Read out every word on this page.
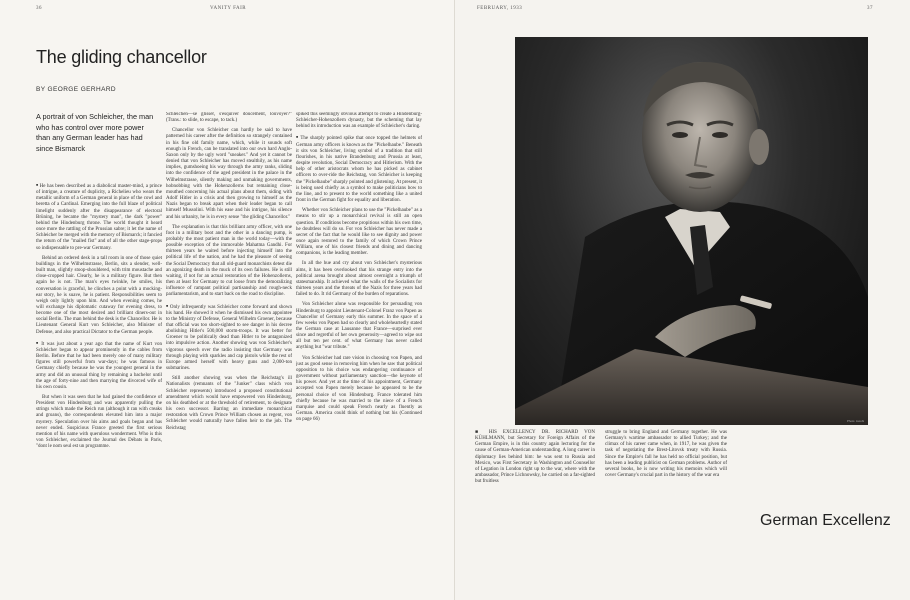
36	VANITY FAIR
The gliding chancellor
BY GEORGE GERHARD
A portrait of von Schleicher, the man who has control over more power than any German leader has had since Bismarck

■ He has been described as a diabolical master-mind, a prince of intrigue, a creature of duplicity, a Richelieu who wears the metallic uniform of a German general in place of the cowl and beretta of a Cardinal. Emerging into the full blaze of political limelight suddenly after the disappearance of electoral Brüning, he became the "mystery man", the dark "power" behind the Hindenburg throne. The world thought it heard once more the rattling of the Prussian sabre; it let the name of Schleicher be merged with the memory of Bismarck; it fancied the return of the "mailed fist" and of all the other stage-props so indispensable to pre-war Germany.

Behind an ordered desk in a tall room in one of those quiet buildings in the Wilhelmstrasse, Berlin, sits a slender, well-built man, slightly stoop-shouldered, with trim moustache and close-cropped hair. Clearly, he is a military figure. But then again he is not. The man's eyes twinkle, he smiles, his conversation is graceful, he clinches a point with a mocking-ear story, he is suave, he is patient. Responsibilities seem to weigh only lightly upon him. And when evening comes, he will exchange his diplomatic cutaway for evening dress, to become one of the most desired and brilliant diners-out in social Berlin. The man behind the desk is the Chancellor. He is Lieutenant General Kurt von Schleicher, also Minister of Defense, and also practical Dictator to the German people.

■ It was just about a year ago that the name of Kurt von Schleicher began to appear prominently in the cables from Berlin. Before that he had been merely one of many military figures still powerful from war-days; he was famous in Germany chiefly because he was the youngest general in the army and did an unusual thing by remaining a bachelor until the age of forty-nine and then marrying the divorced wife of his own cousin.

But when it was seen that he had gained the confidence of President von Hindenburg and was apparently pulling the strings which made the Reich run (although it ran with creaks and groans), the correspondents elevated him into a major mystery. Speculation over his aims and goals began and has never ended. Suspicious France greeted the first serious mention of his name with querulous wonderment. Who is this von Schleicher, exclaimed the Journal des Débats in Paris, "dont le nom seul est un programme.

Schleichen—se glisser, s'esquiver doucement, louvoyer?" (Trans.: to slide, to escape, to tack.)

Chancellor von Schleicher can hardly be said to have patterned his career after the definition so strangely contained in his fine old family name, which, while it sounds soft enough in French, can be translated into our own hard Anglo-Saxon only by the ugly word "sneaker." And yet it cannot be denied that von Schleicher has moved stealthily, as his name implies, gumshoeing his way through the army ranks, sliding into the confidence of the aged president in the palace in the Wilhelmstrasse, silently making and unmaking governments, hobnobbing with the Hohenzollerns but remaining close-mouthed concerning his actual plans about them, siding with Adolf Hitler in a crisis and then growing to himself as the Nazis began to break apart when their leader began to call himself Mussolini. With his ease and his intrigue, his silence and his urbanity, he is in every sense "the gliding Chancellor."

The explanation is that this brilliant army officer, with one foot in a military boot and the other in a dancing pump, is probably the most patient man in the world today—with the possible exception of the immovable Mahatma Gandhi. For thirteen years he waited before injecting himself into the political life of the nation, and he had the pleasure of seeing the Social Democracy that all old-guard monarchists detest die an agonizing death in the muck of its own failures. He is still waiting, if not for an actual restoration of the Hohenzollerns, then at least for Germany to cut loose from the demoralizing influence of rampant political partisanship and rough-neck parliamentarism, and to start back on the road to discipline.

■ Only infrequently was Schleicher come forward and shown his hand. He showed it when he dismissed his own appointee to the Ministry of Defense, General Wilhelm Groener, because that official was too short-sighted to see danger in his decree abolishing Hitler's 500,000 storm-troops. It was better for Groener to be politically dead than Hitler to be antagonized into impulsive action. Another showing was von Schleicher's vigorous speech over the radio insisting that Germany was through playing with sparkles and cap pistols while the rest of Europe armed herself with heavy guns and 2,000-ton submarines.

Still another showing was when the Reichstag's ill Nationalists (remnants of the "Junker" class which von Schleicher represents) introduced a proposed constitutional amendment which would have empowered von Hindenburg, on his deathbed or at the threshold of retirement, to designate his own successor. Barring an immediate monarchical restoration with Crown Prince William chosen as regent, von Schleicher would naturally have fallen heir to the job. The Reichstag

spiked this seemingly obvious attempt to create a Hindenburg-Schleicher-Hohenzollern dynasty, but the scheming that lay behind its introduction was an example of Schleicher's daring.

■ The sharply pointed spike that once topped the helmets of German army officers is known as the "Pickelhaube." Beneath it sits von Schleicher, living symbol of a tradition that still flourishes, in his native Brandenburg and Prussia at least, despite revolution, Social Democracy and Hitlerism. With the help of other aristocrats whom he has picked as cabinet officers to over-ride the Reichstag, von Schleicher is keeping the "Pickelhaube" sharply pointed and glistening. At present, it is being used chiefly as a symbol to make politicians bow to the line, and to present to the world something like a united front in the German fight for equality and liberation.

Whether von Schleicher plans to use the "Pickelhaube" as a means to stir up a monarchical revival is still an open question. If conditions become propitious within his own time, he doubtless will do so. For von Schleicher has never made a secret of the fact that he would like to see dignity and power once again restored to the family of which Crown Prince William, one of his closest friends and dining and dancing companions, is the leading member.

In all the hue and cry about von Schleicher's mysterious aims, it has been overlooked that his strange entry into the political arena brought about almost overnight a triumph of statesmanship. It achieved what the walls of the Socialists for thirteen years and the threats of the Nazis for three years had failed to do. It rid Germany of the burden of reparations.

Von Schleicher alone was responsible for persuading von Hindenburg to appoint Lieutenant-Colonel Franz von Papen as Chancellor of Germany early this summer. In the space of a few weeks von Papen had so clearly and wholeheartedly stated the German case at Lausanne that France—surprised ever since and regretful of her own generosity—agreed to wipe out all but ten per cent. of what Germany has never called anything but "war tribute."

Von Schleicher had rare vision in choosing von Papen, and just as good sense in removing him when he saw that political opposition to his choice was endangering continuance of government without parliamentary sanction—the keynote of his power. And yet at the time of his appointment, Germany accepted von Papen merely because he appeared to be the personal choice of von Hindenburg. France tolerated him chiefly because he was married to the niece of a French marquise and could speak French nearly as fluently as German. America could think of nothing but his (Continued on page 66)

FEBRUARY, 1933	37
Photo: Jacobi

■ HIS EXCELLENCY DR. RICHARD VON KÜHLMANN, but Secretary for Foreign Affairs of the German Empire, is in this country again lecturing for the cause of German-American understanding. A long career in diplomacy lies behind him: he was sent to Russia and Mexico, was First Secretary in Washington and Counsellor of Legation in London right up to the war, where with the ambassador, Prince Lichnowsky, he carried on a far-sighted but fruitless

struggle to bring England and Germany together. He was Germany's wartime ambassador to allied Turkey; and the climax of his career came when, in 1917, he was given the task of negotiating the Brest-Litovsk treaty with Russia. Since the Empire's fall he has held no official position, but has been a leading publicist on German problems. Author of several books, he is now writing his memoirs which will cover Germany's crucial part in the history of the war era

German Excellenz
